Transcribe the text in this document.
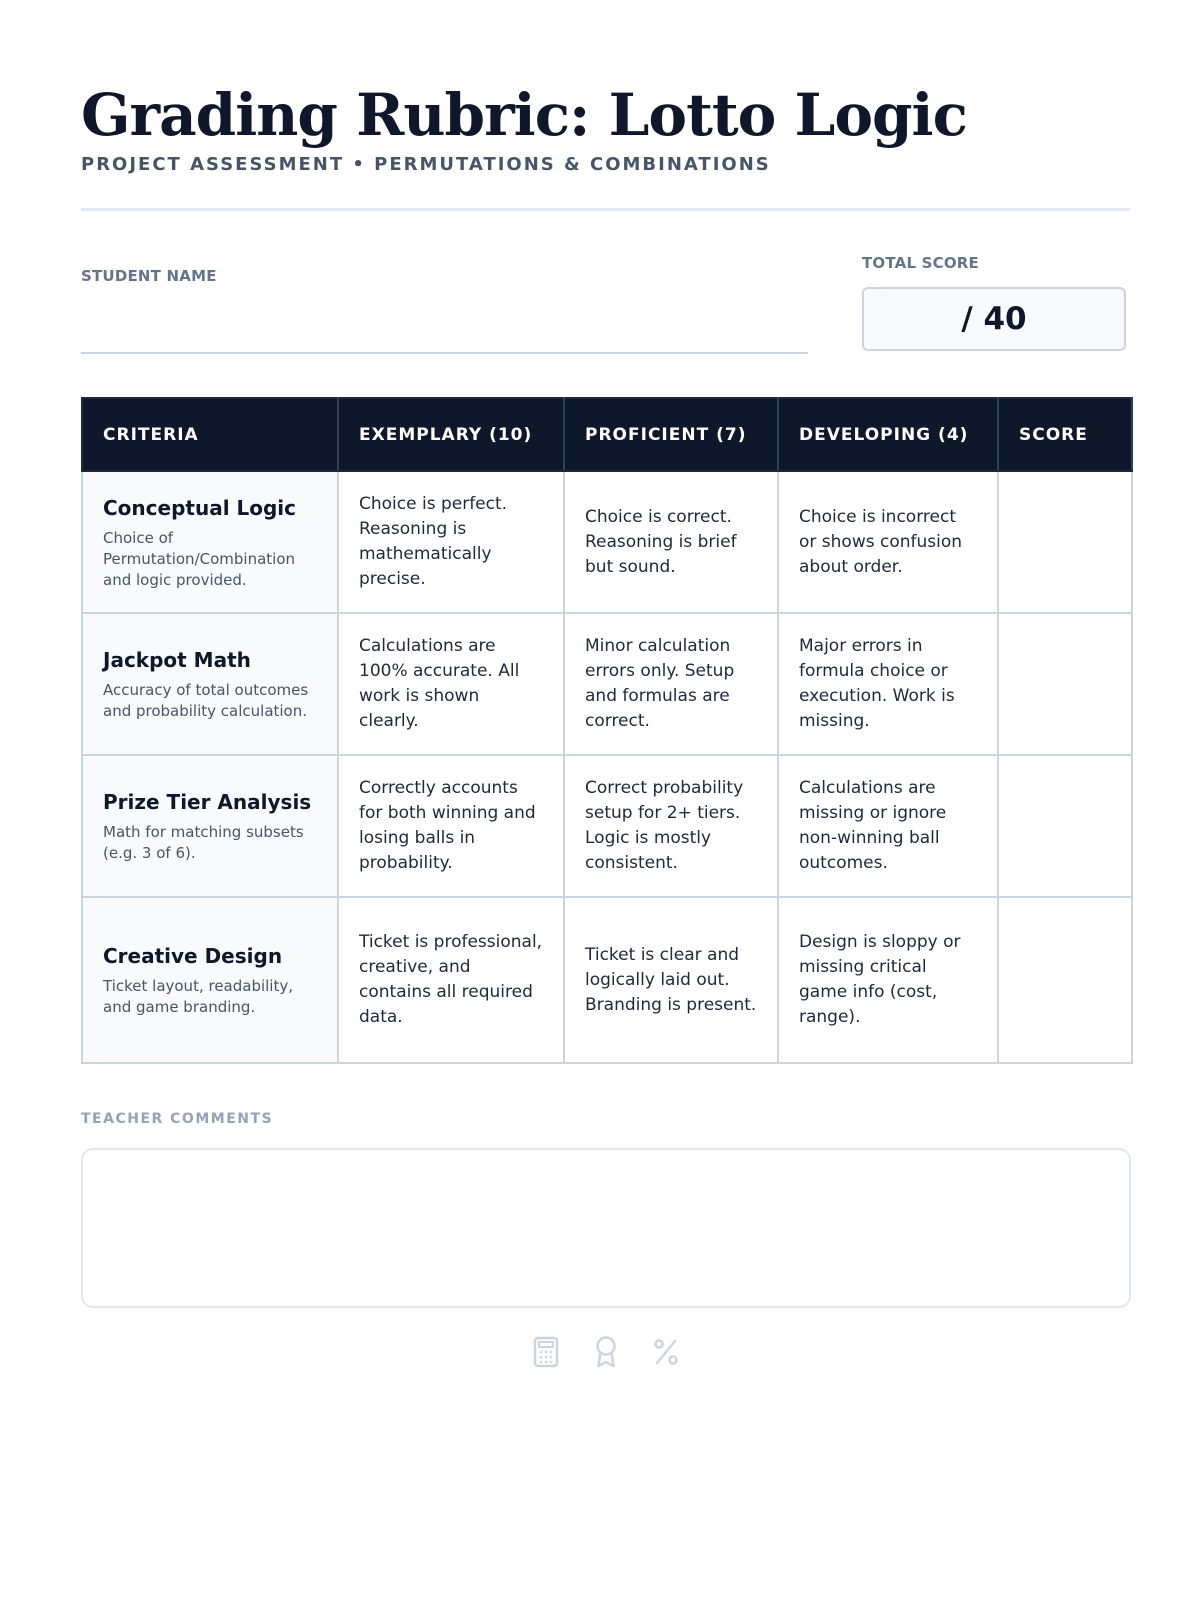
Grading Rubric: Lotto Logic
PROJECT ASSESSMENT • PERMUTATIONS & COMBINATIONS
STUDENT NAME
TOTAL SCORE
/ 40
CRITERIA	EXEMPLARY (10)	PROFICIENT (7)	DEVELOPING (4)	SCORE

Conceptual Logic
Choice of Permutation/Combination and logic provided.	Choice is perfect. Reasoning is mathematically precise.	Choice is correct. Reasoning is brief but sound.	Choice is incorrect or shows confusion about order.	

Jackpot Math
Accuracy of total outcomes and probability calculation.	Calculations are 100% accurate. All work is shown clearly.	Minor calculation errors only. Setup and formulas are correct.	Major errors in formula choice or execution. Work is missing.	

Prize Tier Analysis
Math for matching subsets (e.g. 3 of 6).	Correctly accounts for both winning and losing balls in probability.	Correct probability setup for 2+ tiers. Logic is mostly consistent.	Calculations are missing or ignore non-winning ball outcomes.	

Creative Design
Ticket layout, readability, and game branding.	Ticket is professional, creative, and contains all required data.	Ticket is clear and logically laid out. Branding is present.	Design is sloppy or missing critical game info (cost, range).	
TEACHER COMMENTS
